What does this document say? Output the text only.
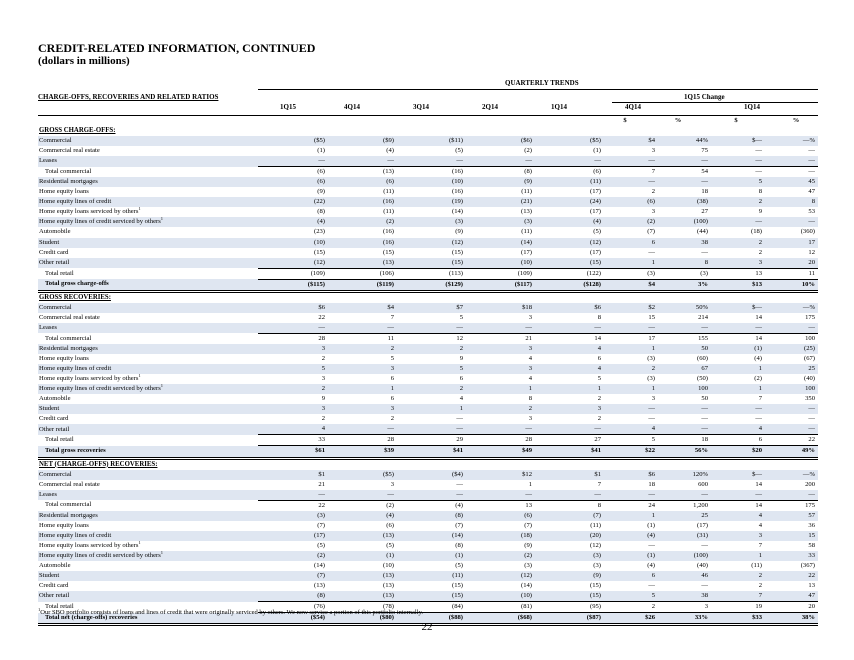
CREDIT-RELATED INFORMATION, CONTINUED
(dollars in millions)
QUARTERLY TRENDS
CHARGE-OFFS, RECOVERIES AND RELATED RATIOS	1Q15 Change
1Q15	4Q14	3Q14	2Q14	1Q14	4Q14	1Q14
$	%	$	%
GROSS CHARGE-OFFS:									
Commercial	($5)	($9)	($11)	($6)	($5)	$4	44%	$—	—%
Commercial real estate	(1)	(4)	(5)	(2)	(1)	3	75	—	—
Leases	—	—	—	—	—	—	—	—	—
Total commercial	(6)	(13)	(16)	(8)	(6)	7	54	—	—
Residential mortgages	(6)	(6)	(10)	(9)	(11)	—	—	5	45
Home equity loans	(9)	(11)	(16)	(11)	(17)	2	18	8	47
Home equity lines of credit	(22)	(16)	(19)	(21)	(24)	(6)	(38)	2	8
Home equity loans serviced by others$^1$	(8)	(11)	(14)	(13)	(17)	3	27	9	53
Home equity lines of credit serviced by others$^1$	(4)	(2)	(3)	(3)	(4)	(2)	(100)	—	—
Automobile	(23)	(16)	(9)	(11)	(5)	(7)	(44)	(18)	(360)
Student	(10)	(16)	(12)	(14)	(12)	6	38	2	17
Credit card	(15)	(15)	(15)	(17)	(17)	—	—	2	12
Other retail	(12)	(13)	(15)	(10)	(15)	1	8	3	20
Total retail	(109)	(106)	(113)	(109)	(122)	(3)	(3)	13	11
Total gross charge-offs	($115)	($119)	($129)	($117)	($128)	$4	3%	$13	10%
GROSS RECOVERIES:									
Commercial	$6	$4	$7	$18	$6	$2	50%	$—	—%
Commercial real estate	22	7	5	3	8	15	214	14	175
Leases	—	—	—	—	—	—	—	—	—
Total commercial	28	11	12	21	14	17	155	14	100
Residential mortgages	3	2	2	3	4	1	50	(1)	(25)
Home equity loans	2	5	9	4	6	(3)	(60)	(4)	(67)
Home equity lines of credit	5	3	5	3	4	2	67	1	25
Home equity loans serviced by others$^1$	3	6	6	4	5	(3)	(50)	(2)	(40)
Home equity lines of credit serviced by others$^1$	2	1	2	1	1	1	100	1	100
Automobile	9	6	4	8	2	3	50	7	350
Student	3	3	1	2	3	—	—	—	—
Credit card	2	2	—	3	2	—	—	—	—
Other retail	4	—	—	—	—	4	—	4	—
Total retail	33	28	29	28	27	5	18	6	22
Total gross recoveries	$61	$39	$41	$49	$41	$22	56%	$20	49%
NET (CHARGE-OFFS) RECOVERIES:									
Commercial	$1	($5)	($4)	$12	$1	$6	120%	$—	—%
Commercial real estate	21	3	—	1	7	18	600	14	200
Leases	—	—	—	—	—	—	—	—	—
Total commercial	22	(2)	(4)	13	8	24	1,200	14	175
Residential mortgages	(3)	(4)	(8)	(6)	(7)	1	25	4	57
Home equity loans	(7)	(6)	(7)	(7)	(11)	(1)	(17)	4	36
Home equity lines of credit	(17)	(13)	(14)	(18)	(20)	(4)	(31)	3	15
Home equity loans serviced by others$^1$	(5)	(5)	(8)	(9)	(12)	—	—	7	58
Home equity lines of credit serviced by others$^1$	(2)	(1)	(1)	(2)	(3)	(1)	(100)	1	33
Automobile	(14)	(10)	(5)	(3)	(3)	(4)	(40)	(11)	(367)
Student	(7)	(13)	(11)	(12)	(9)	6	46	2	22
Credit card	(13)	(13)	(15)	(14)	(15)	—	—	2	13
Other retail	(8)	(13)	(15)	(10)	(15)	5	38	7	47
Total retail	(76)	(78)	(84)	(81)	(95)	2	3	19	20
Total net (charge-offs) recoveries	($54)	($80)	($88)	($68)	($87)	$26	33%	$33	38%
$^1$Our SBO portfolio consists of loans and lines of credit that were originally serviced by others. We now service a portion of this portfolio internally.
22
